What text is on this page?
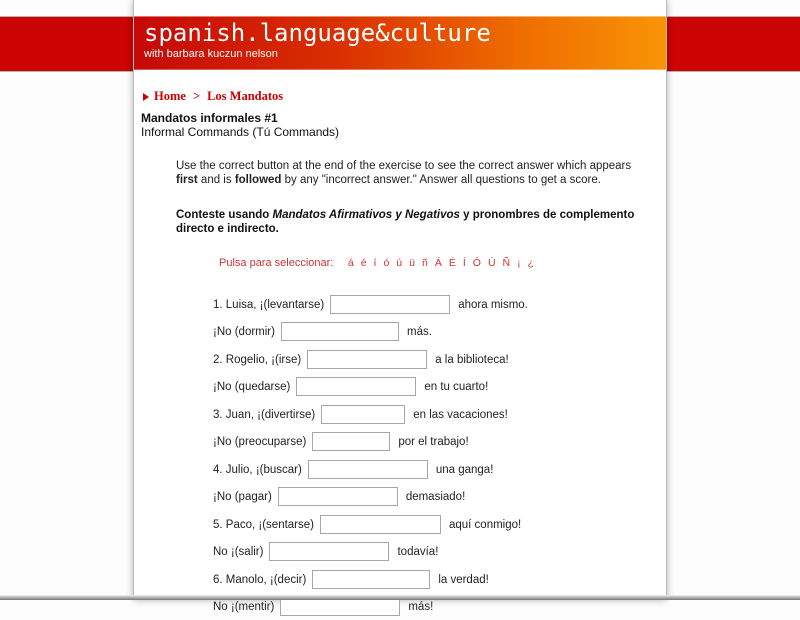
spanish.language&culture
with barbara kuczun nelson
Home > Los Mandatos
Mandatos informales #1
Informal Commands (Tú Commands)
Use the correct button at the end of the exercise to see the correct answer which appears first and is followed by any "incorrect answer." Answer all questions to get a score.
Conteste usando Mandatos Afirmativos y Negativos y pronombres de complemento directo e indirecto.
Pulsa para seleccionar:	á é í ó ú ü ñ Á É Í Ó Ú Ñ ¡ ¿
1. Luisa, ¡(levantarse)	ahora mismo.
¡No (dormir)	más.
2. Rogelio, ¡(irse)	a la biblioteca!
¡No (quedarse)	en tu cuarto!
3. Juan, ¡(divertirse)	en las vacaciones!
¡No (preocuparse)	por el trabajo!
4. Julio, ¡(buscar)	una ganga!
¡No (pagar)	demasiado!
5. Paco, ¡(sentarse)	aquí conmigo!
No ¡(salir)	todavía!
6. Manolo, ¡(decir)	la verdad!
No ¡(mentir)	más!
